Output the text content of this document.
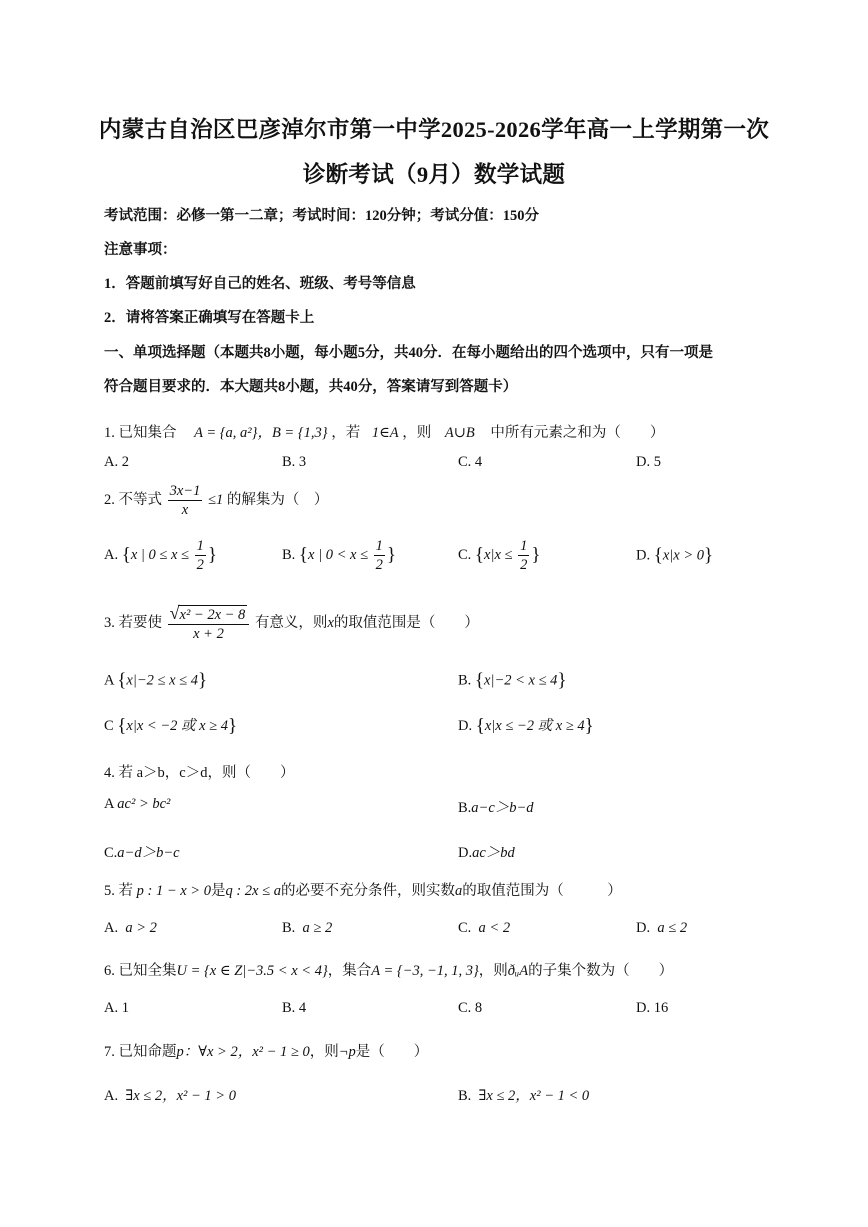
内蒙古自治区巴彦淖尔市第一中学2025-2026学年高一上学期第一次
诊断考试（9月）数学试题
考试范围：必修一第一二章；考试时间：120分钟；考试分值：150分
注意事项：
1．答题前填写好自己的姓名、班级、考号等信息
2．请将答案正确填写在答题卡上
一、单项选择题（本题共8小题，每小题5分，共40分．在每小题给出的四个选项中，只有一项是
符合题目要求的．本大题共8小题，共40分，答案请写到答题卡）
1. 已知集合 A = {a, a²}，B = {1,3} ，若 1∈A ，则 A∪B 中所有元素之和为（　　）
A. 2	B. 3	C. 4	D. 5
2. 不等式 $\frac{3x-1}{x} \le 1$ 的解集为（　）
A. {x | $0 \le x \le \frac{1}{2}$ }	B. {x | $0 < x \le \frac{1}{2}$ }	C. {$x|x \le \frac{1}{2}$ }	D. {x|x > 0}
3. 若要使 $\frac{\text{√x² − 2x − 8}}{x + 2}$ 有意义，则x的取值范围是（　　）
A {x|−2 ≤ x ≤ 4}	B. {x|−2 < x ≤ 4}
C {x|x < −2 或 x ≥ 4}	D. {x|x ≤ −2 或 x ≥ 4}
4. 若 a＞b，c＞d，则（　　）
A ac² > bc²	B.a−c＞b−d
C.a−d＞b−c	D.ac＞bd
5. 若 p : 1 − x > 0是q : 2x ≤ a的必要不充分条件，则实数a的取值范围为（　　　）
A. a > 2	B. a ≥ 2	C. a < 2	D. a ≤ 2
6. 已知全集U = {x ∈ Z|−3.5 < x < 4}，集合A = {−3, −1, 1, 3}，则ðᵤA的子集个数为（　　）
A. 1	B. 4	C. 8	D. 16
7. 已知命题p：∀x > 2，x² − 1 ≥ 0，则¬p是（　　）
A. ∃x ≤ 2，x² − 1 > 0	B. ∃x ≤ 2，x² − 1 < 0
